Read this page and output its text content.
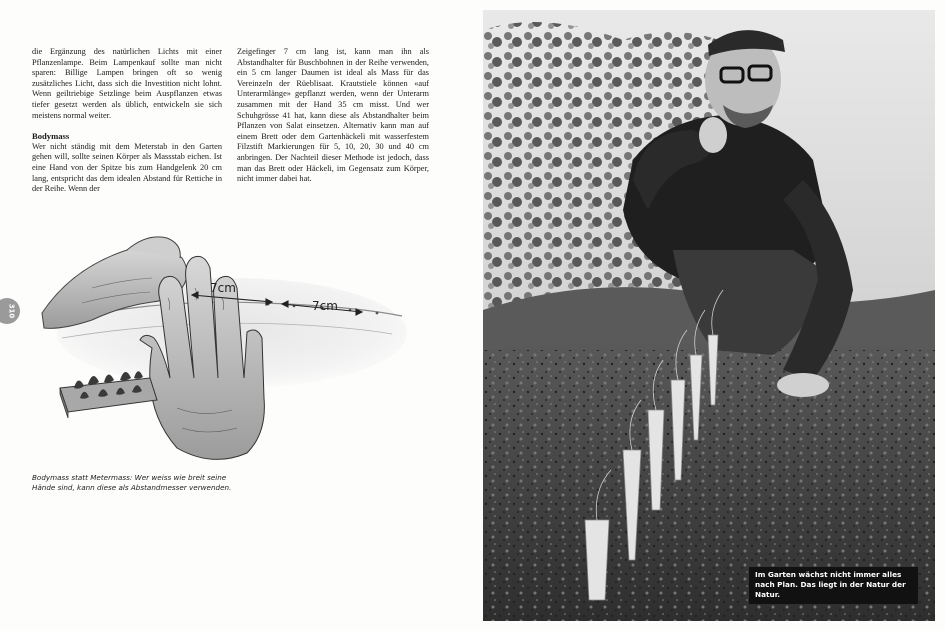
310

die Ergänzung des natürlichen Lichts mit einer Pflanzenlampe. Beim Lampenkauf sollte man nicht sparen: Billige Lampen bringen oft so wenig zusätzliches Licht, dass sich die Investition nicht lohnt. Wenn geiltriebige Setzlinge beim Auspflanzen etwas tiefer gesetzt werden als üblich, entwickeln sie sich meistens normal weiter.

Bodymass

Wer nicht ständig mit dem Meterstab in den Garten gehen will, sollte seinen Körper als Massstab eichen. Ist eine Hand von der Spitze bis zum Handgelenk 20 cm lang, entspricht das dem idealen Abstand für Rettiche in der Reihe. Wenn der

Zeigefinger 7 cm lang ist, kann man ihn als Abstandhalter für Buschbohnen in der Reihe verwenden, ein 5 cm langer Daumen ist ideal als Mass für das Vereinzeln der Rüeblisaat. Krautstiele können «auf Unterarmlänge» gepflanzt werden, wenn der Unterarm zusammen mit der Hand 35 cm misst. Und wer Schuhgrösse 41 hat, kann diese als Abstandhalter beim Pflanzen von Salat einsetzen. Alternativ kann man auf einem Brett oder dem Gartenhäckeli mit wasserfestem Filzstift Markierungen für 5, 10, 20, 30 und 40 cm anbringen. Der Nachteil dieser Methode ist jedoch, dass man das Brett oder Häckeli, im Gegensatz zum Körper, nicht immer dabei hat.

7cm
7cm

Bodymass statt Metermass: Wer weiss wie breit seine Hände sind, kann diese als Abstandmesser verwenden.

Im Garten wächst nicht immer alles nach Plan. Das liegt in der Natur der Natur.
